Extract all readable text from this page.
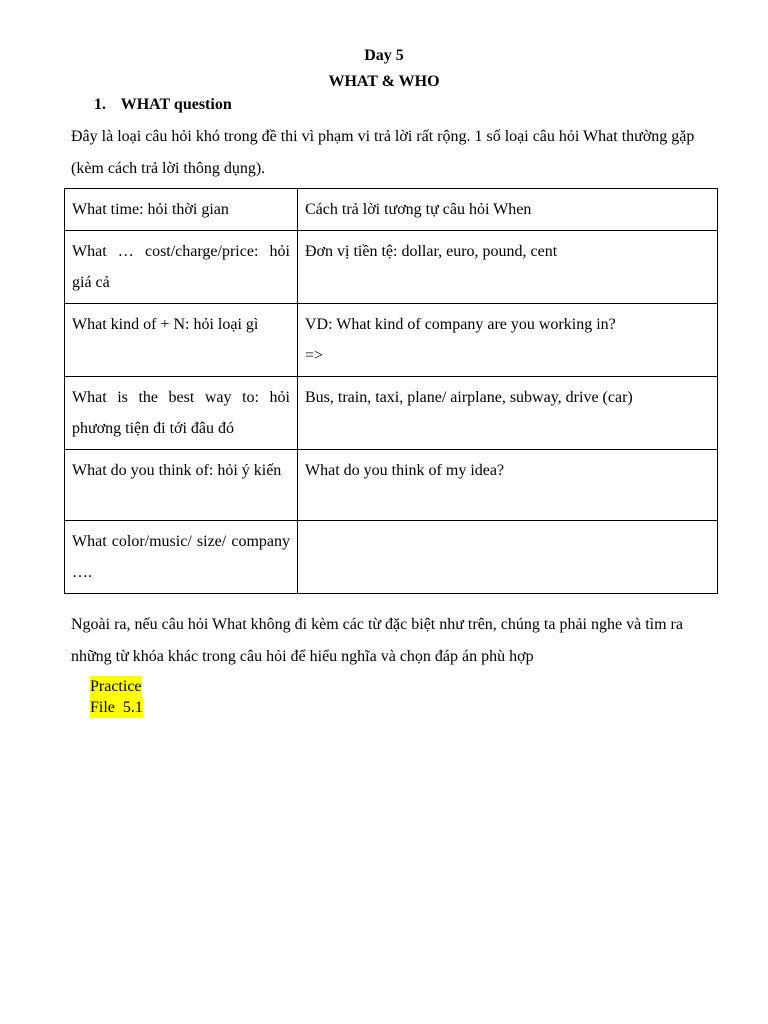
Day 5
WHAT & WHO
1. WHAT question
Đây là loại câu hỏi khó trong đề thi vì phạm vi trả lời rất rộng. 1 số loại câu hỏi What thường gặp (kèm cách trả lời thông dụng).
What time: hỏi thời gian	Cách trả lời tương tự câu hỏi When

What … cost/charge/price: hỏi giá cả	Đơn vị tiền tệ: dollar, euro, pound, cent

What kind of + N: hỏi loại gì	VD: What kind of company are you working in?
=>

What is the best way to: hỏi phương tiện đi tới đâu đó	Bus, train, taxi, plane/ airplane, subway, drive (car)

What do you think of: hỏi ý kiến	What do you think of my idea?

What color/music/ size/ company ….	
Ngoài ra, nếu câu hỏi What không đi kèm các từ đặc biệt như trên, chúng ta phải nghe và tìm ra những từ khóa khác trong câu hỏi để hiểu nghĩa và chọn đáp án phù hợp
Practice
File  5.1
